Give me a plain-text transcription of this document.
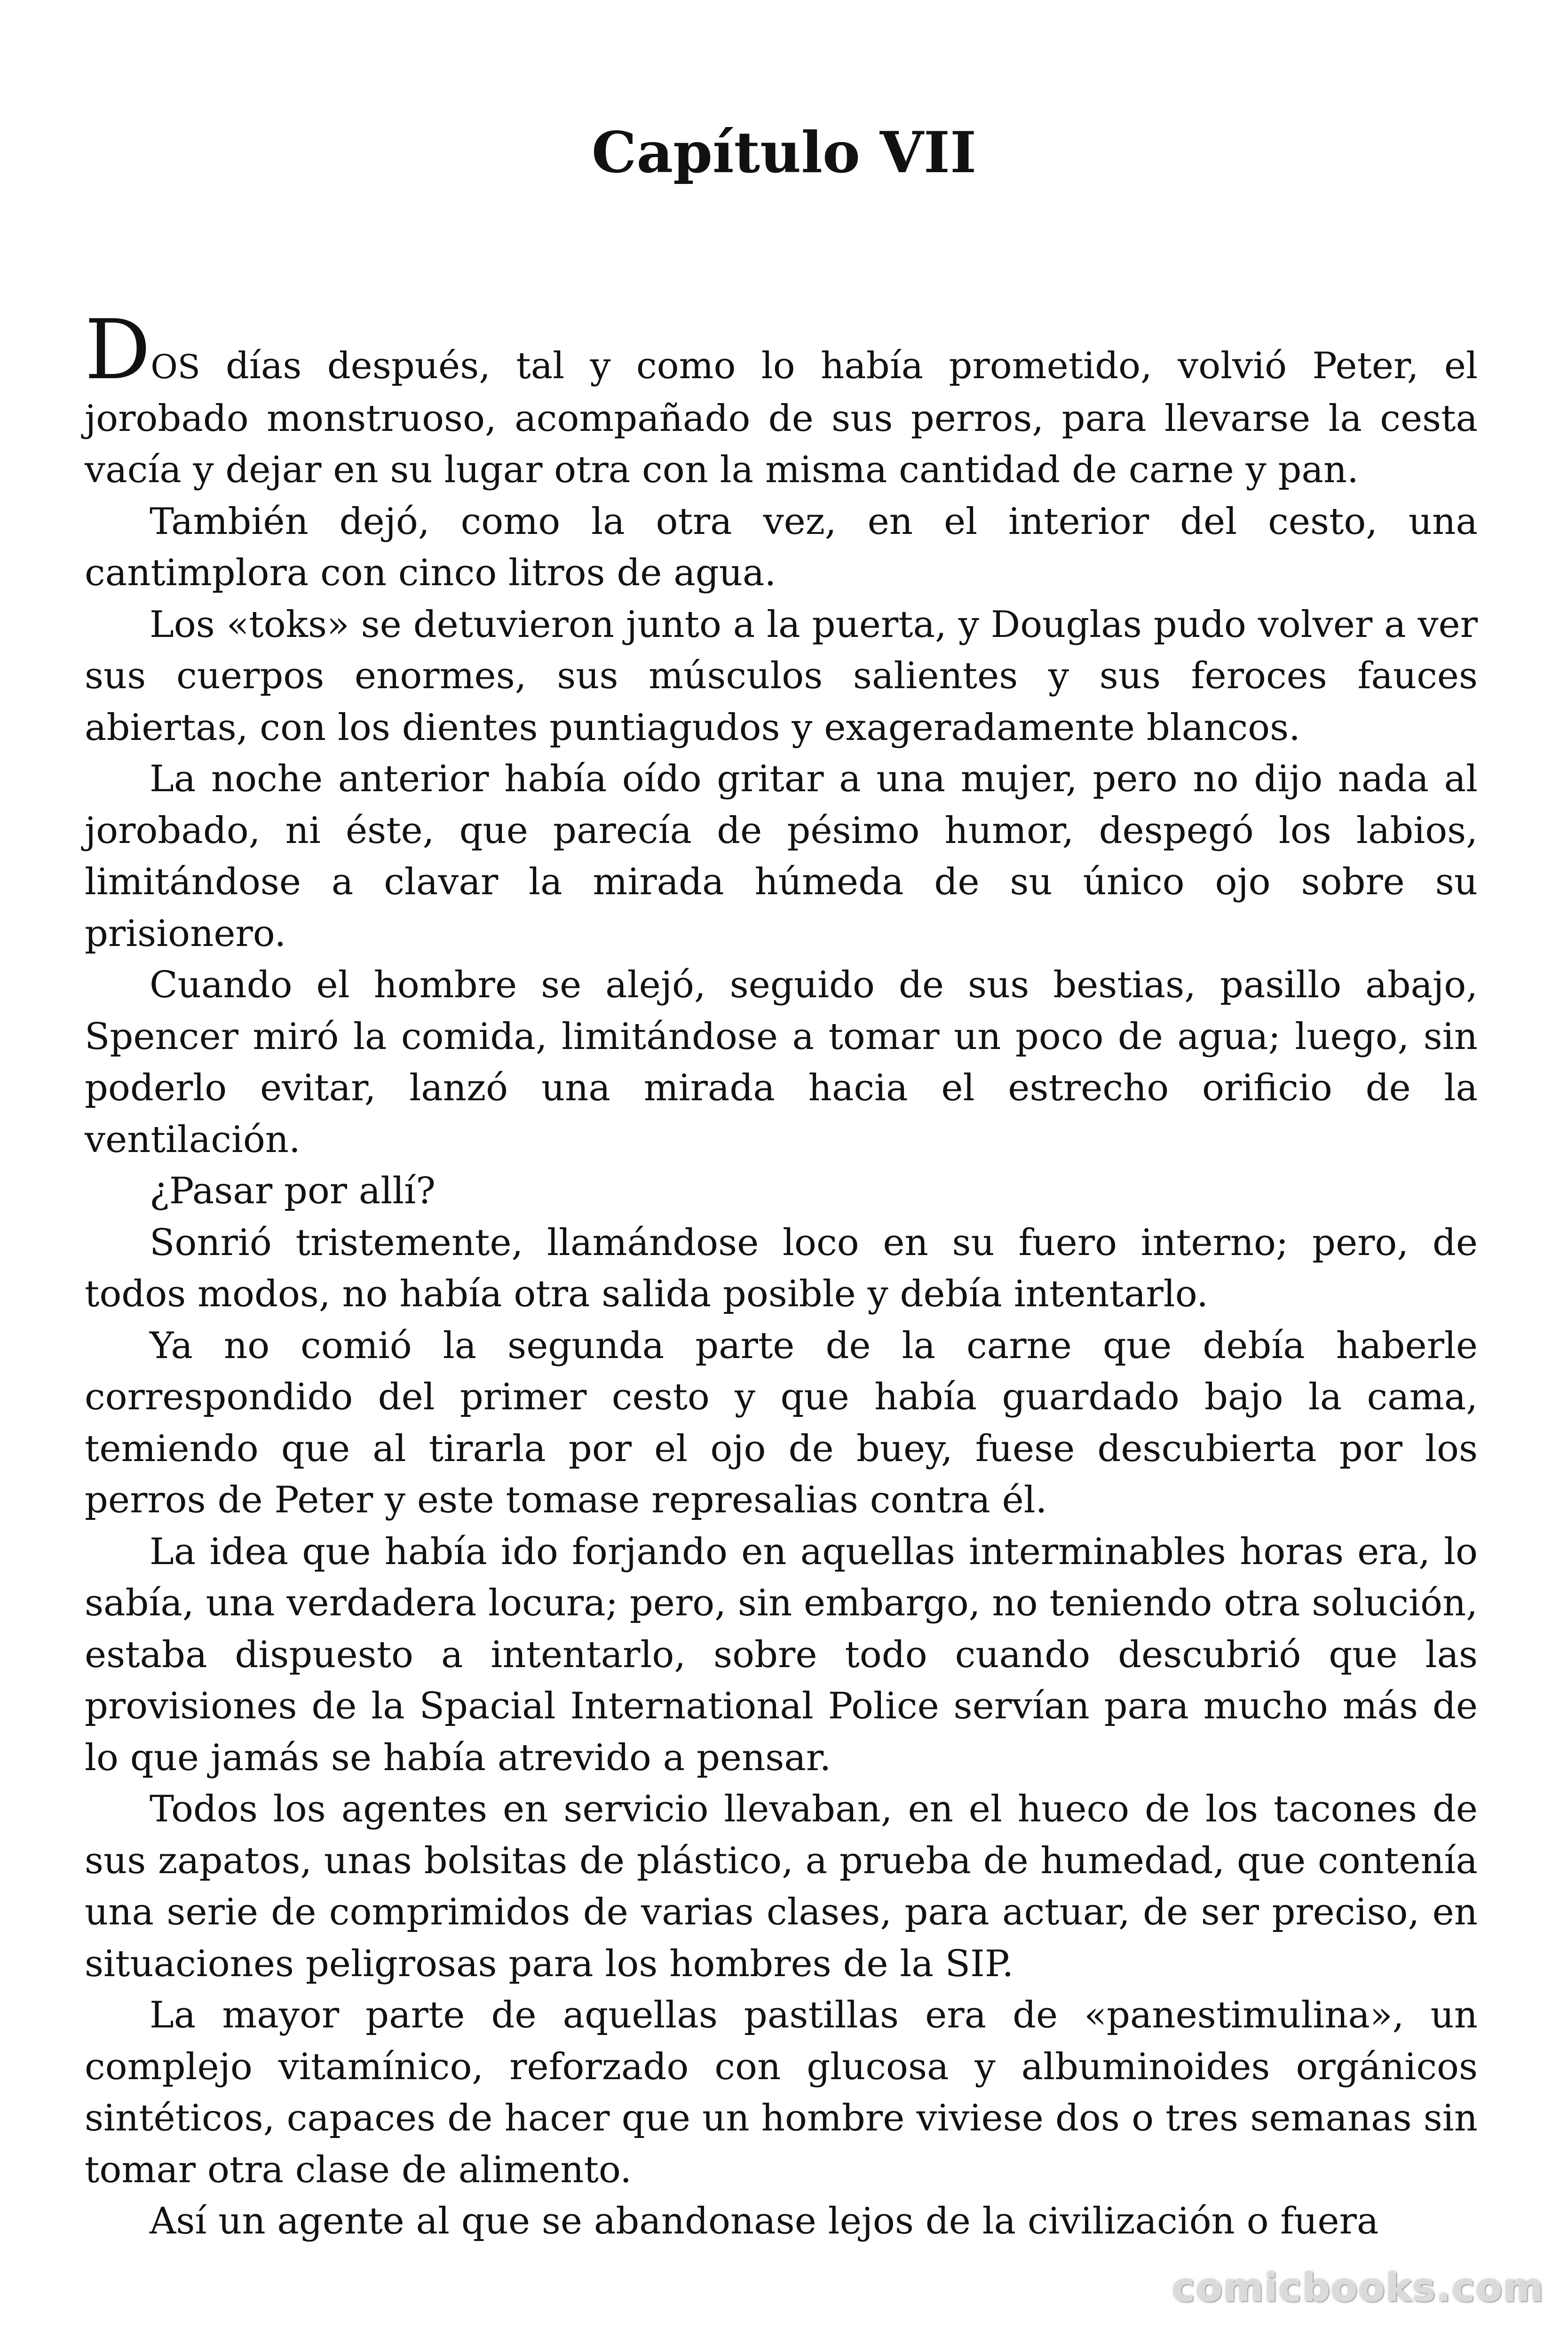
Capítulo VII

DOS días después, tal y como lo había prometido, volvió Peter, el jorobado monstruoso, acompañado de sus perros, para llevarse la cesta vacía y dejar en su lugar otra con la misma cantidad de carne y pan.

También dejó, como la otra vez, en el interior del cesto, una cantimplora con cinco litros de agua.

Los «toks» se detuvieron junto a la puerta, y Douglas pudo volver a ver sus cuerpos enormes, sus músculos salientes y sus feroces fauces abiertas, con los dientes puntiagudos y exageradamente blancos.

La noche anterior había oído gritar a una mujer, pero no dijo nada al jorobado, ni éste, que parecía de pésimo humor, despegó los labios, limitándose a clavar la mirada húmeda de su único ojo sobre su prisionero.

Cuando el hombre se alejó, seguido de sus bestias, pasillo abajo, Spencer miró la comida, limitándose a tomar un poco de agua; luego, sin poderlo evitar, lanzó una mirada hacia el estrecho orificio de la ventilación.

¿Pasar por allí?

Sonrió tristemente, llamándose loco en su fuero interno; pero, de todos modos, no había otra salida posible y debía intentarlo.

Ya no comió la segunda parte de la carne que debía haberle correspondido del primer cesto y que había guardado bajo la cama, temiendo que al tirarla por el ojo de buey, fuese descubierta por los perros de Peter y este tomase represalias contra él.

La idea que había ido forjando en aquellas interminables horas era, lo sabía, una verdadera locura; pero, sin embargo, no teniendo otra solución, estaba dispuesto a intentarlo, sobre todo cuando descubrió que las provisiones de la Spacial International Police servían para mucho más de lo que jamás se había atrevido a pensar.

Todos los agentes en servicio llevaban, en el hueco de los tacones de sus zapatos, unas bolsitas de plástico, a prueba de humedad, que contenía una serie de comprimidos de varias clases, para actuar, de ser preciso, en situaciones peligrosas para los hombres de la SIP.

La mayor parte de aquellas pastillas era de «panestimulina», un complejo vitamínico, reforzado con glucosa y albuminoides orgánicos sintéticos, capaces de hacer que un hombre viviese dos o tres semanas sin tomar otra clase de alimento.

Así un agente al que se abandonase lejos de la civilización o fuera

comicbooks.com
